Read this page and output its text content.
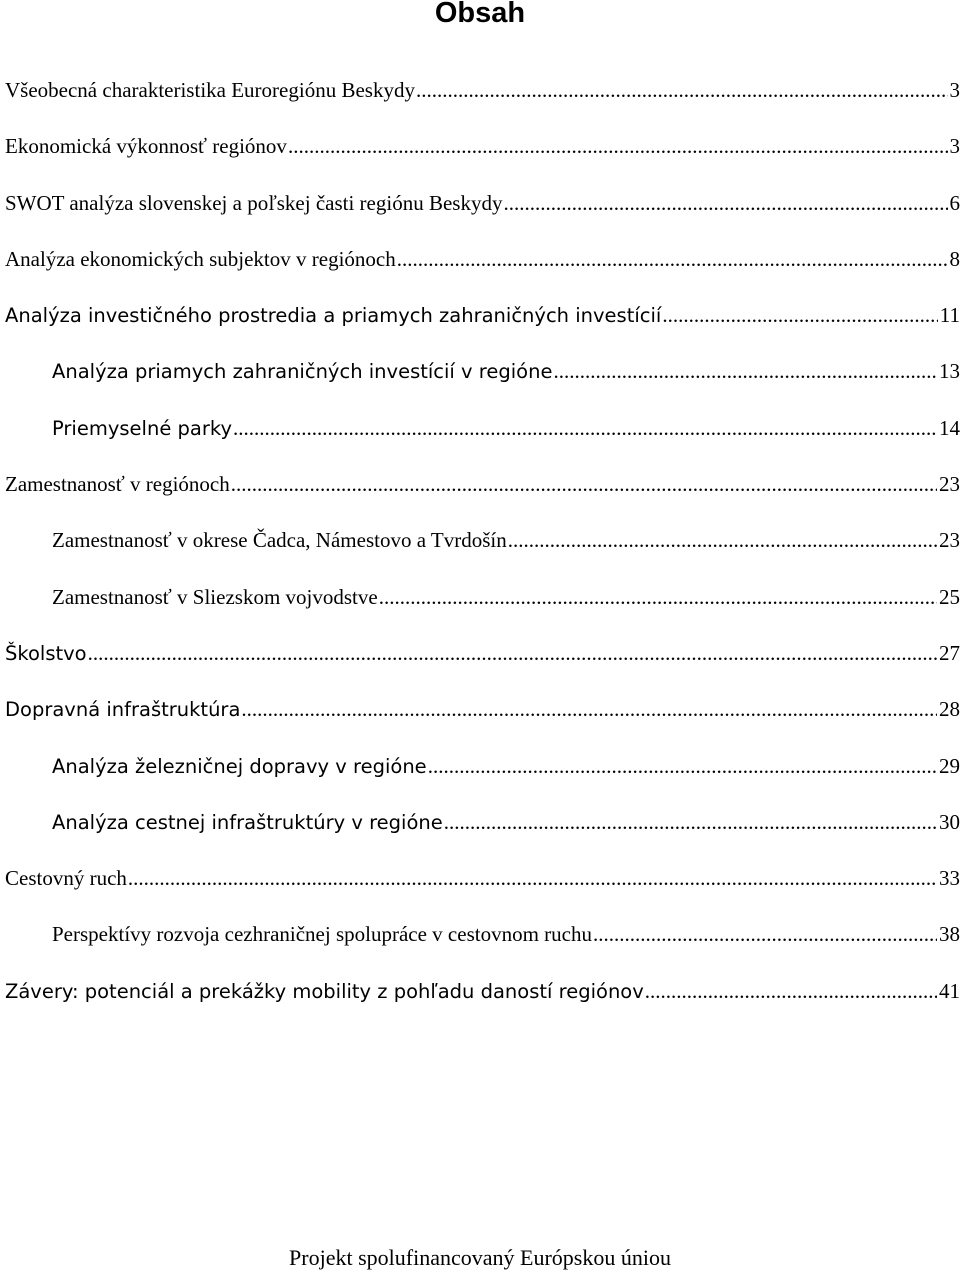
Obsah
Všeobecná charakteristika Euroregiónu Beskydy .....	3
Ekonomická výkonnosť regiónov .....	3
SWOT analýza slovenskej a poľskej časti regiónu Beskydy .....	6
Analýza ekonomických subjektov v regiónoch .....	8
Analýza investičného prostredia a priamych zahraničných investícií .....	11
Analýza priamych zahraničných investícií v regióne .....	13
Priemyselné parky .....	14
Zamestnanosť v regiónoch .....	23
Zamestnanosť v okrese Čadca, Námestovo a Tvrdošín .....	23
Zamestnanosť v Sliezskom vojvodstve .....	25
Školstvo .....	27
Dopravná infraštruktúra .....	28
Analýza železničnej dopravy v regióne .....	29
Analýza cestnej infraštruktúry v regióne .....	30
Cestovný ruch .....	33
Perspektívy rozvoja cezhraničnej spolupráce v cestovnom ruchu .....	38
Závery: potenciál a prekážky mobility z pohľadu daností regiónov .....	41
Projekt spolufinancovaný Európskou úniou
